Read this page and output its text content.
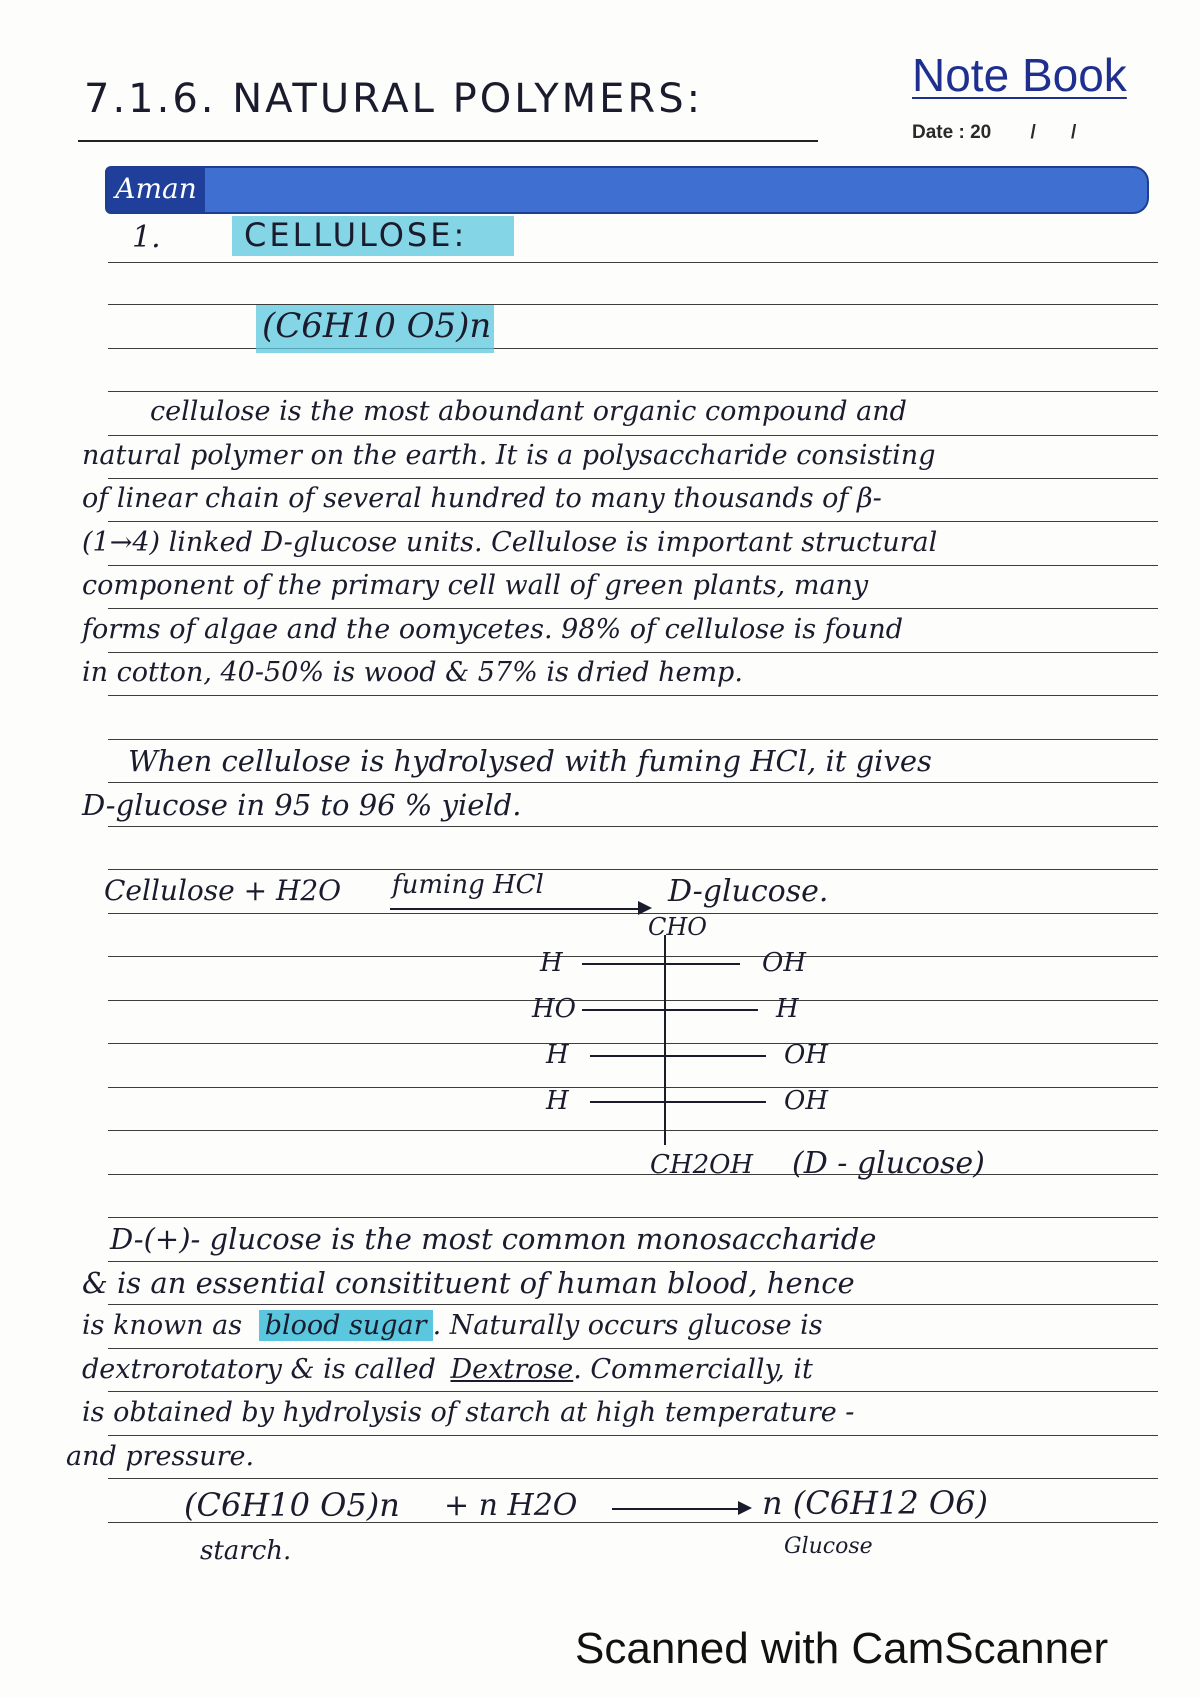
7.1.6. NATURAL POLYMERS:	Note Book
Date : 20 / /
Aman
1.	CELLULOSE:
(C6H10 O5)n
cellulose is the most aboundant organic compound and
natural polymer on the earth. It is a polysaccharide consisting
of linear chain of several hundred to many thousands of β-
(1→4) linked D-glucose units. Cellulose is important structural
component of the primary cell wall of green plants, many
forms of algae and the oomycetes. 98% of cellulose is found
in cotton, 40-50% is wood & 57% is dried hemp.
When cellulose is hydrolysed with fuming HCl, it gives
D-glucose in 95 to 96 % yield.
Cellulose + H2O fuming HCl	D-glucose.
CHO
H	OH
HO	H
H	OH
H	OH
CH2OH (D - glucose)
D-(+)- glucose is the most common monosaccharide
& is an essential consitituent of human blood, hence
is known as blood sugar . Naturally occurs glucose is
dextrorotatory & is called Dextrose. Commercially, it
is obtained by hydrolysis of starch at high temperature -
and pressure.
(C6H10 O5)n + n H2O	n (C6H12 O6)
starch.	Glucose
Scanned with CamScanner
